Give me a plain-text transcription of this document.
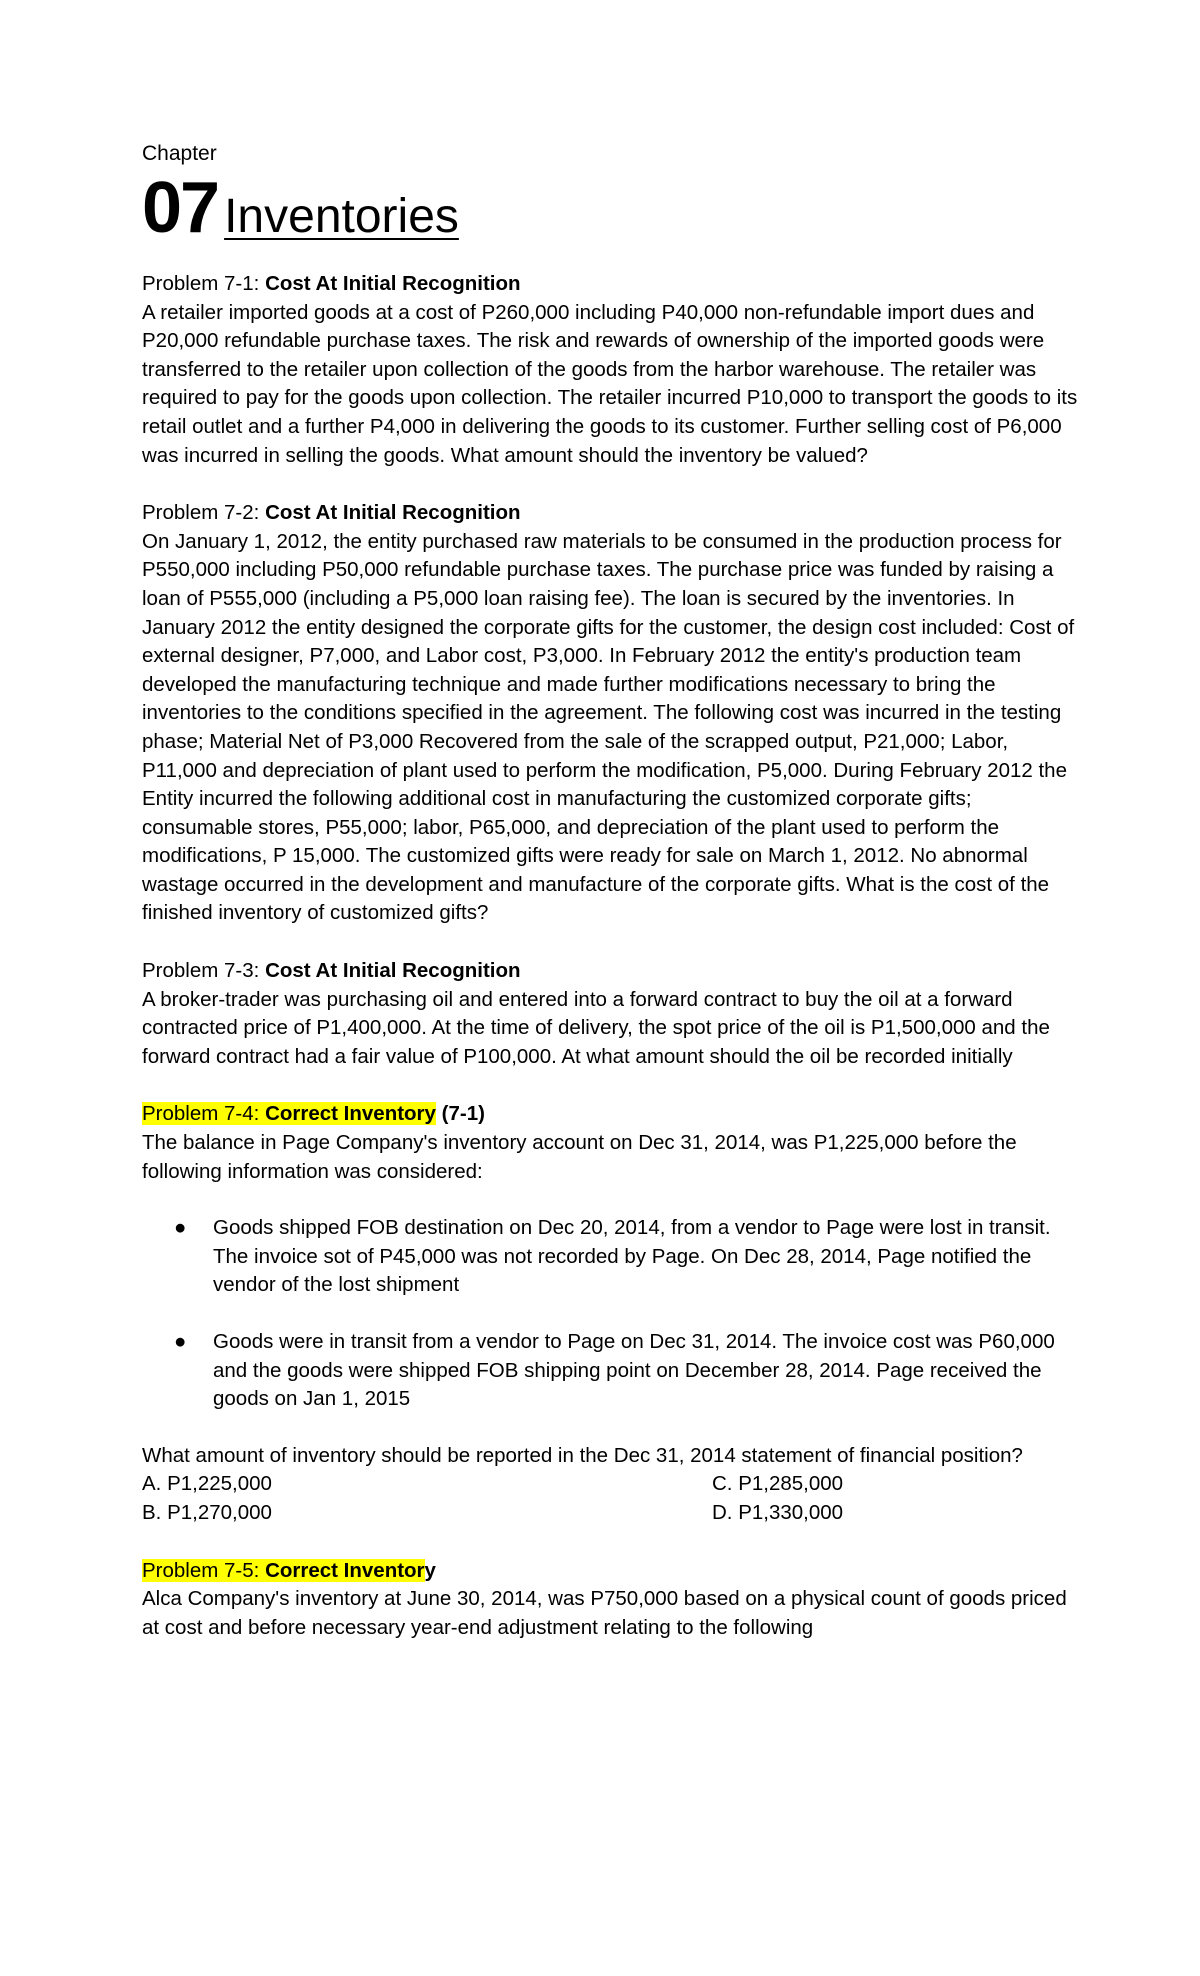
Chapter

07 Inventories

Problem 7-1: Cost At Initial Recognition

A retailer imported goods at a cost of P260,000 including P40,000 non-refundable import dues and P20,000 refundable purchase taxes. The risk and rewards of ownership of the imported goods were transferred to the retailer upon collection of the goods from the harbor warehouse. The retailer was required to pay for the goods upon collection. The retailer incurred P10,000 to transport the goods to its retail outlet and a further P4,000 in delivering the goods to its customer. Further selling cost of P6,000 was incurred in selling the goods. What amount should the inventory be valued?

Problem 7-2: Cost At Initial Recognition

On January 1, 2012, the entity purchased raw materials to be consumed in the production process for P550,000 including P50,000 refundable purchase taxes. The purchase price was funded by raising a loan of P555,000 (including a P5,000 loan raising fee). The loan is secured by the inventories. In January 2012 the entity designed the corporate gifts for the customer, the design cost included: Cost of external designer, P7,000, and Labor cost, P3,000. In February 2012 the entity's production team developed the manufacturing technique and made further modifications necessary to bring the inventories to the conditions specified in the agreement. The following cost was incurred in the testing phase; Material Net of P3,000 Recovered from the sale of the scrapped output, P21,000; Labor, P11,000 and depreciation of plant used to perform the modification, P5,000. During February 2012 the Entity incurred the following additional cost in manufacturing the customized corporate gifts; consumable stores, P55,000; labor, P65,000, and depreciation of the plant used to perform the modifications, P 15,000. The customized gifts were ready for sale on March 1, 2012. No abnormal wastage occurred in the development and manufacture of the corporate gifts. What is the cost of the finished inventory of customized gifts?

Problem 7-3: Cost At Initial Recognition

A broker-trader was purchasing oil and entered into a forward contract to buy the oil at a forward contracted price of P1,400,000. At the time of delivery, the spot price of the oil is P1,500,000 and the forward contract had a fair value of P100,000. At what amount should the oil be recorded initially

Problem 7-4: Correct Inventory (7-1)

The balance in Page Company's inventory account on Dec 31, 2014, was P1,225,000 before the following information was considered:

● Goods shipped FOB destination on Dec 20, 2014, from a vendor to Page were lost in transit. The invoice sot of P45,000 was not recorded by Page. On Dec 28, 2014, Page notified the vendor of the lost shipment
● Goods were in transit from a vendor to Page on Dec 31, 2014. The invoice cost was P60,000 and the goods were shipped FOB shipping point on December 28, 2014. Page received the goods on Jan 1, 2015

What amount of inventory should be reported in the Dec 31, 2014 statement of financial position?

A. P1,225,000	C. P1,285,000
B. P1,270,000	D. P1,330,000

Problem 7-5: Correct Inventory

Alca Company's inventory at June 30, 2014, was P750,000 based on a physical count of goods priced at cost and before necessary year-end adjustment relating to the following
